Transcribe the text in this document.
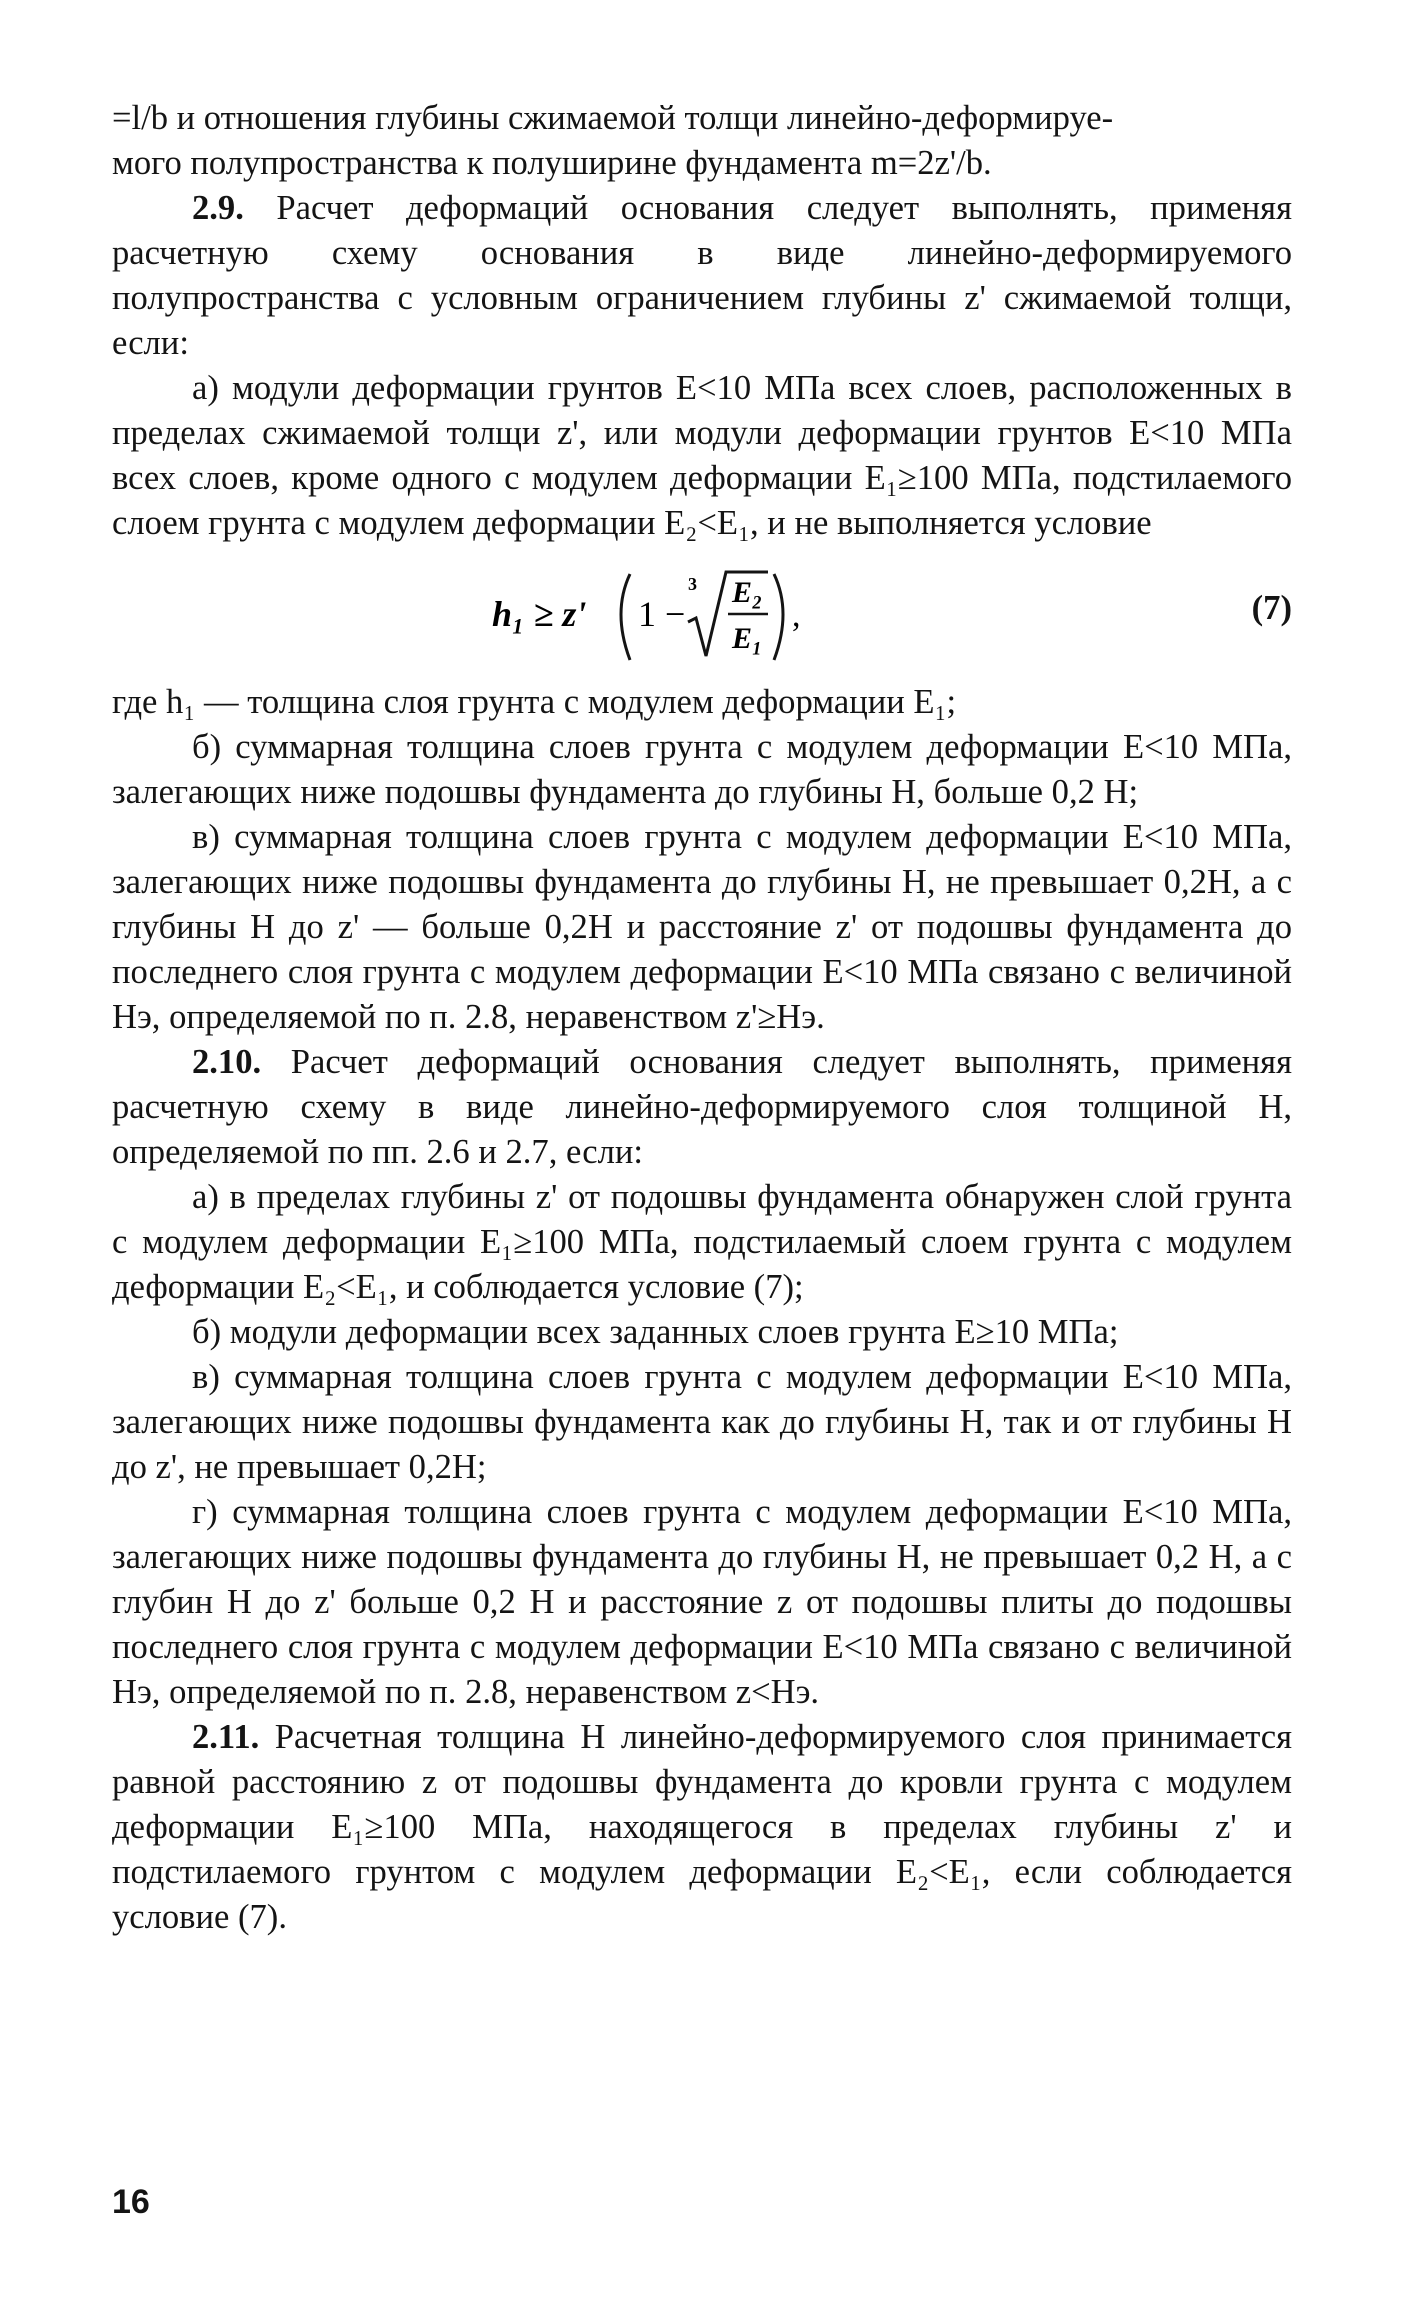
=l/b и отношения глубины сжимаемой толщи линейно-деформируе-

мого полупространства к полуширине фундамента m=2z'/b.

2.9. Расчет деформаций основания следует выполнять, применяя расчетную схему основания в виде линейно-деформируемого полупространства с условным ограничением глубины z' сжимаемой толщи, если:

а) модули деформации грунтов E<10 МПа всех слоев, расположенных в пределах сжимаемой толщи z', или модули деформации грунтов E<10 МПа всех слоев, кроме одного с модулем деформации E₁≥100 МПа, подстилаемого слоем грунта с модулем деформации E₂<E₁, и не выполняется условие

h₁ ≥ z' 1 −
3 E₂
E₁
,	(7)

где h₁ — толщина слоя грунта с модулем деформации E₁;

б) суммарная толщина слоев грунта с модулем деформации E<10 МПа, залегающих ниже подошвы фундамента до глубины H, больше 0,2 Н;

в) суммарная толщина слоев грунта с модулем деформации E<10 МПа, залегающих ниже подошвы фундамента до глубины H, не превышает 0,2Н, а с глубины H до z' — больше 0,2Н и расстояние z' от подошвы фундамента до последнего слоя грунта с модулем деформации E<10 МПа связано с величиной Hэ, определяемой по п. 2.8, неравенством z'≥Hэ.

2.10. Расчет деформаций основания следует выполнять, применяя расчетную схему в виде линейно-деформируемого слоя толщиной H, определяемой по пп. 2.6 и 2.7, если:

а) в пределах глубины z' от подошвы фундамента обнаружен слой грунта с модулем деформации E₁≥100 МПа, подстилаемый слоем грунта с модулем деформации E₂<E₁, и соблюдается условие (7);

б) модули деформации всех заданных слоев грунта E≥10 МПа;

в) суммарная толщина слоев грунта с модулем деформации E<10 МПа, залегающих ниже подошвы фундамента как до глубины H, так и от глубины H до z', не превышает 0,2Н;

г) суммарная толщина слоев грунта с модулем деформации E<10 МПа, залегающих ниже подошвы фундамента до глубины H, не превышает 0,2 H, а с глубин H до z' больше 0,2 H и расстояние z от подошвы плиты до подошвы последнего слоя грунта с модулем деформации E<10 МПа связано с величиной Hэ, определяемой по п. 2.8, неравенством z<Hэ.

2.11. Расчетная толщина H линейно-деформируемого слоя принимается равной расстоянию z от подошвы фундамента до кровли грунта с модулем деформации E₁≥100 МПа, находящегося в пределах глубины z' и подстилаемого грунтом с модулем деформации E₂<E₁, если соблюдается условие (7).

16
